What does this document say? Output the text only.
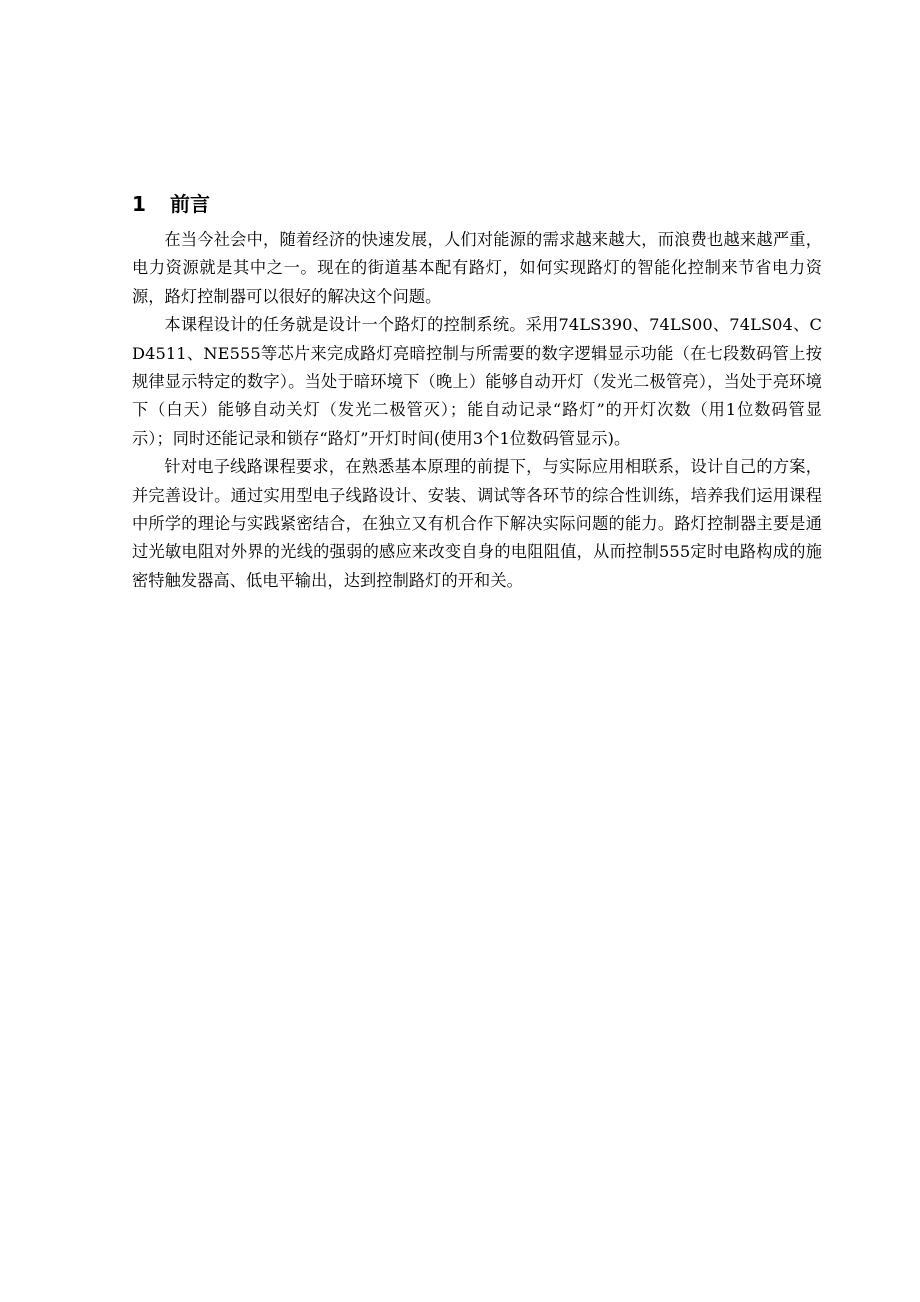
1	前言

在当今社会中，随着经济的快速发展，人们对能源的需求越来越大，而浪费也越来越严重，电力资源就是其中之一。现在的街道基本配有路灯，如何实现路灯的智能化控制来节省电力资源，路灯控制器可以很好的解决这个问题。

本课程设计的任务就是设计一个路灯的控制系统。采用74LS390、74LS00、74LS04、CD4511、NE555等芯片来完成路灯亮暗控制与所需要的数字逻辑显示功能（在七段数码管上按规律显示特定的数字）。当处于暗环境下（晚上）能够自动开灯（发光二极管亮），当处于亮环境下（白天）能够自动关灯（发光二极管灭）；能自动记录“路灯”的开灯次数（用1位数码管显示）；同时还能记录和锁存“路灯”开灯时间(使用3个1位数码管显示)。

针对电子线路课程要求，在熟悉基本原理的前提下，与实际应用相联系，设计自己的方案，并完善设计。通过实用型电子线路设计、安装、调试等各环节的综合性训练，培养我们运用课程中所学的理论与实践紧密结合，在独立又有机合作下解决实际问题的能力。路灯控制器主要是通过光敏电阻对外界的光线的强弱的感应来改变自身的电阻阻值，从而控制555定时电路构成的施密特触发器高、低电平输出，达到控制路灯的开和关。
